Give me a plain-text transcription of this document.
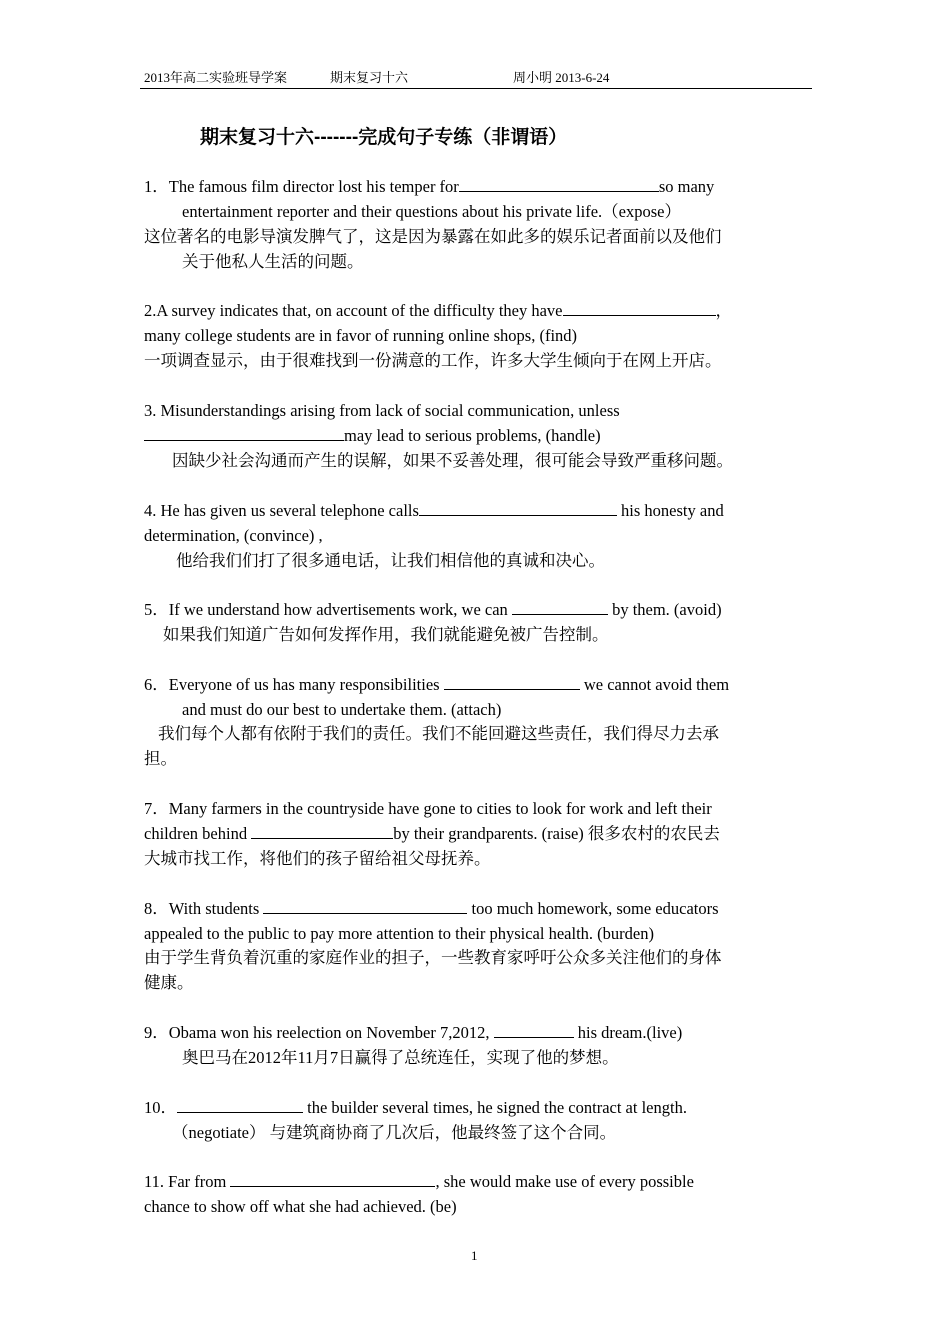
2013年高二实验班导学案	期末复习十六	周小明 2013-6-24
期末复习十六-------完成句子专练（非谓语）
1．The famous film director lost his temper for	so many
entertainment reporter and their questions about his private life.（expose）
这位著名的电影导演发脾气了，这是因为暴露在如此多的娱乐记者面前以及他们
关于他私人生活的问题。
2.A survey indicates that, on account of the difficulty they have	，
many college students are in favor of running online shops, (find)
一项调查显示，由于很难找到一份满意的工作，许多大学生倾向于在网上开店。
3. Misunderstandings arising from lack of social communication, unless
may lead to serious problems, (handle)
因缺少社会沟通而产生的误解，如果不妥善处理，很可能会导致严重移问题。
4. He has given us several telephone calls	his honesty and
determination, (convince) ,
他给我们们打了很多通电话，让我们相信他的真诚和决心。
5．If we understand how advertisements work, we can	by them. (avoid)
如果我们知道广告如何发挥作用，我们就能避免被广告控制。
6．Everyone of us has many responsibilities	we cannot avoid them
and must do our best to undertake them. (attach)
我们每个人都有依附于我们的责任。我们不能回避这些责任，我们得尽力去承
担。
7．Many farmers in the countryside have gone to cities to look for work and left their
children behind	by their grandparents. (raise) 很多农村的农民去
大城市找工作，将他们的孩子留给祖父母抚养。
8．With students	too much homework, some educators
appealed to the public to pay more attention to their physical health. (burden)
由于学生背负着沉重的家庭作业的担子，一些教育家呼吁公众多关注他们的身体
健康。
9．Obama won his reelection on November 7,2012,	his dream.(live)
奥巴马在2012年11月7日赢得了总统连任，实现了他的梦想。
10．	the builder several times, he signed the contract at length.
（negotiate） 与建筑商协商了几次后，他最终签了这个合同。
11. Far from	, she would make use of every possible
chance to show off what she had achieved. (be)
1
